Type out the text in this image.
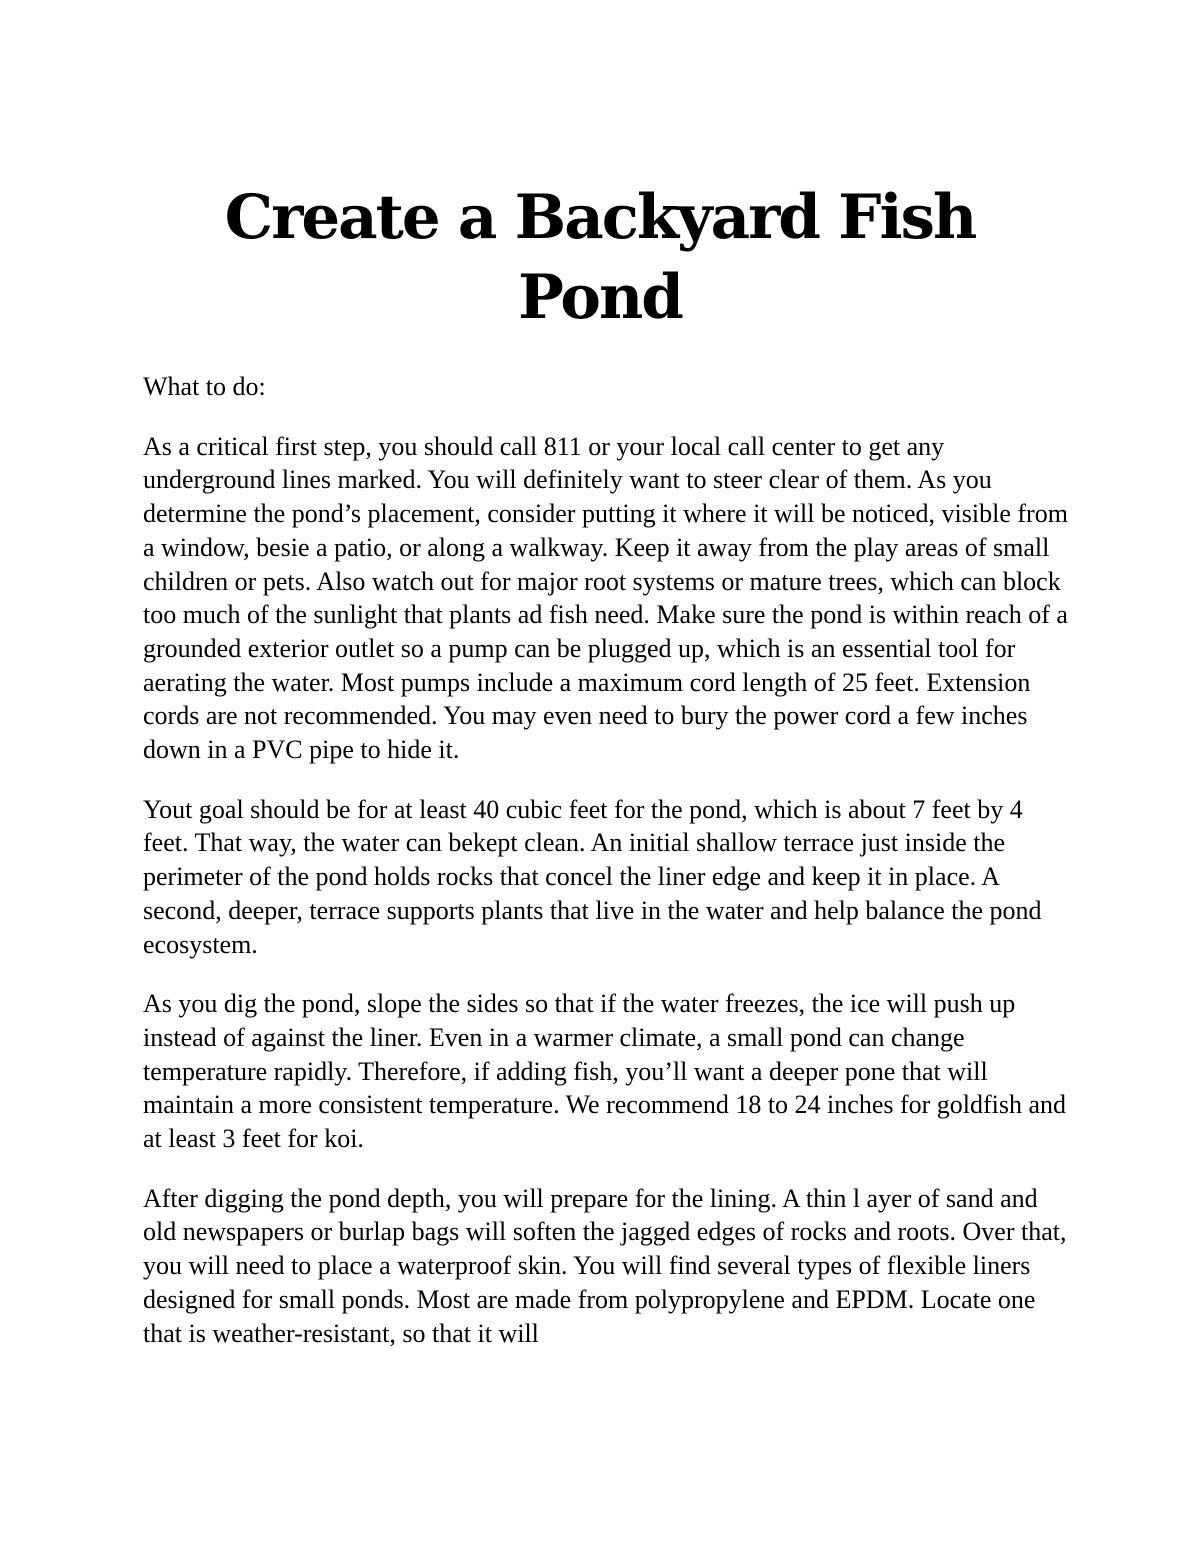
Create a Backyard Fish Pond

What to do:

As a critical first step, you should call 811 or your local call center to get any underground lines marked. You will definitely want to steer clear of them. As you determine the pond’s placement, consider putting it where it will be noticed, visible from a window, besie a patio, or along a walkway. Keep it away from the play areas of small children or pets. Also watch out for major root systems or mature trees, which can block too much of the sunlight that plants ad fish need. Make sure the pond is within reach of a grounded exterior outlet so a pump can be plugged up, which is an essential tool for aerating the water. Most pumps include a maximum cord length of 25 feet. Extension cords are not recommended. You may even need to bury the power cord a few inches down in a PVC pipe to hide it.

Yout goal should be for at least 40 cubic feet for the pond, which is about 7 feet by 4 feet. That way, the water can bekept clean. An initial shallow terrace just inside the perimeter of the pond holds rocks that concel the liner edge and keep it in place. A second, deeper, terrace supports plants that live in the water and help balance the pond ecosystem.

As you dig the pond, slope the sides so that if the water freezes, the ice will push up instead of against the liner. Even in a warmer climate, a small pond can change temperature rapidly. Therefore, if adding fish, you’ll want a deeper pone that will maintain a more consistent temperature. We recommend 18 to 24 inches for goldfish and at least 3 feet for koi.

After digging the pond depth, you will prepare for the lining. A thin l ayer of sand and old newspapers or burlap bags will soften the jagged edges of rocks and roots. Over that, you will need to place a waterproof skin. You will find several types of flexible liners designed for small ponds. Most are made from polypropylene and EPDM. Locate one that is weather-resistant, so that it will
